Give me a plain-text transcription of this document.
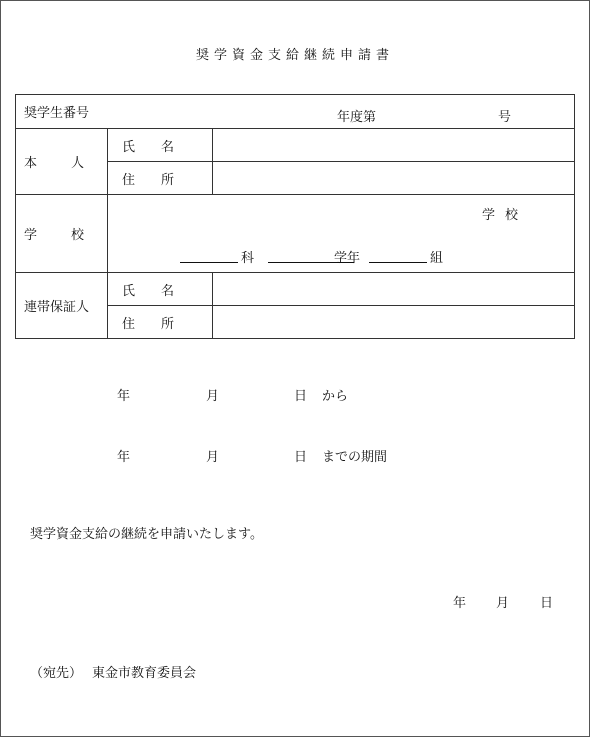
奨学資金支給継続申請書
奨学生番号 年度第 号		

本　人	氏名	
	住所	
学　校	学校
科 学年 組	

連帯保証人	氏名	
	住所	
年	月	日 から
年	月	日 までの期間
奨学資金支給の継続を申請いたします。
年 月 日
（宛先） 東金市教育委員会
